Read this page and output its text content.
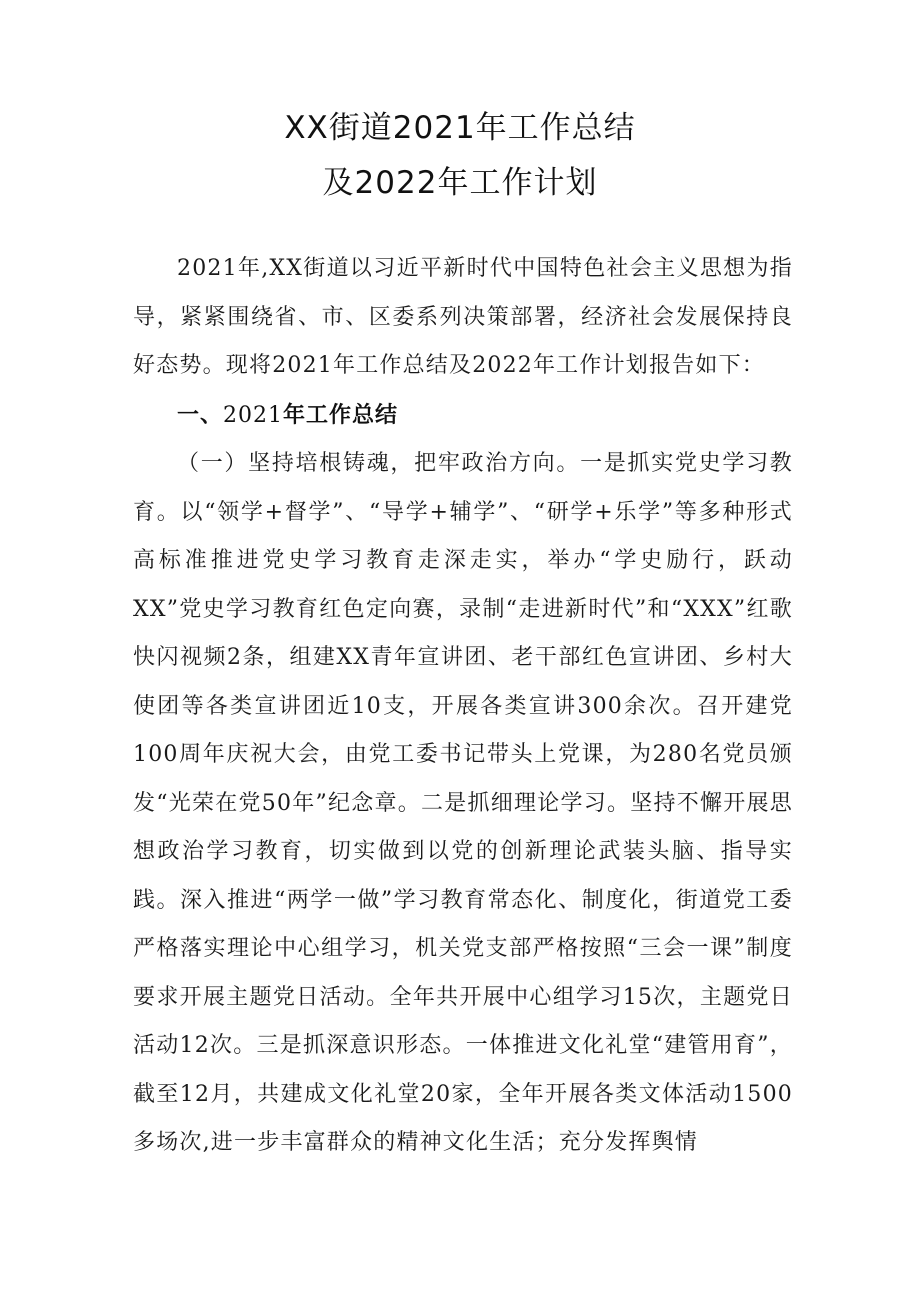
XX街道2021年工作总结
及2022年工作计划

2021年,XX街道以习近平新时代中国特色社会主义思想为指导，紧紧围绕省、市、区委系列决策部署，经济社会发展保持良好态势。现将2021年工作总结及2022年工作计划报告如下：

一、2021年工作总结

（一）坚持培根铸魂，把牢政治方向。一是抓实党史学习教育。以“领学+督学”、“导学+辅学”、“研学+乐学”等多种形式高标准推进党史学习教育走深走实，举办“学史励行，跃动XX”党史学习教育红色定向赛，录制“走进新时代”和“XXX”红歌快闪视频2条，组建XX青年宣讲团、老干部红色宣讲团、乡村大使团等各类宣讲团近10支，开展各类宣讲300余次。召开建党100周年庆祝大会，由党工委书记带头上党课，为280名党员颁发“光荣在党50年”纪念章。二是抓细理论学习。坚持不懈开展思想政治学习教育，切实做到以党的创新理论武装头脑、指导实践。深入推进“两学一做”学习教育常态化、制度化，街道党工委严格落实理论中心组学习，机关党支部严格按照“三会一课”制度要求开展主题党日活动。全年共开展中心组学习15次，主题党日活动12次。三是抓深意识形态。一体推进文化礼堂“建管用育”，截至12月，共建成文化礼堂20家，全年开展各类文体活动1500多场次,进一步丰富群众的精神文化生活；充分发挥舆情
